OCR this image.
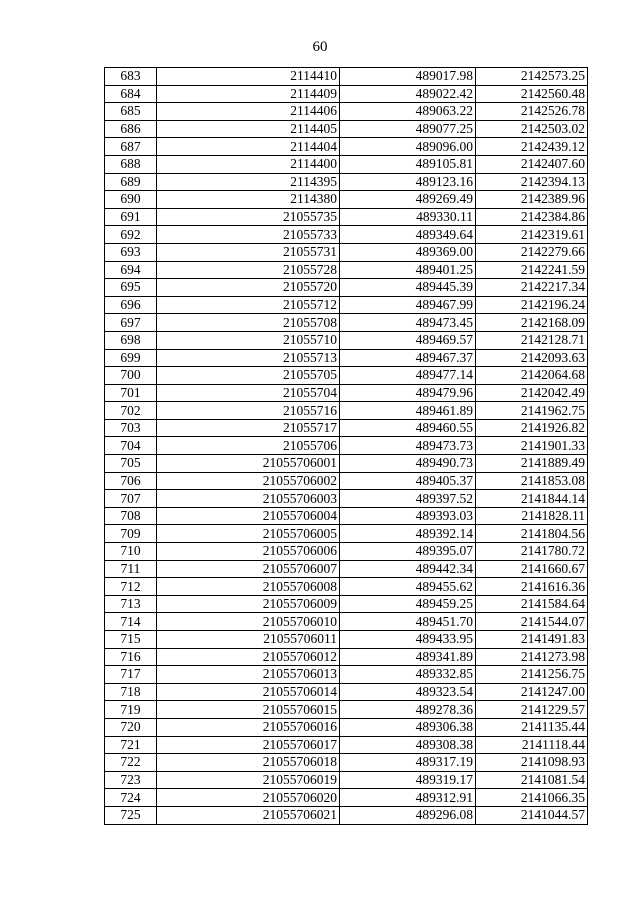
60
683	2114410	489017.98	2142573.25
684	2114409	489022.42	2142560.48
685	2114406	489063.22	2142526.78
686	2114405	489077.25	2142503.02
687	2114404	489096.00	2142439.12
688	2114400	489105.81	2142407.60
689	2114395	489123.16	2142394.13
690	2114380	489269.49	2142389.96
691	21055735	489330.11	2142384.86
692	21055733	489349.64	2142319.61
693	21055731	489369.00	2142279.66
694	21055728	489401.25	2142241.59
695	21055720	489445.39	2142217.34
696	21055712	489467.99	2142196.24
697	21055708	489473.45	2142168.09
698	21055710	489469.57	2142128.71
699	21055713	489467.37	2142093.63
700	21055705	489477.14	2142064.68
701	21055704	489479.96	2142042.49
702	21055716	489461.89	2141962.75
703	21055717	489460.55	2141926.82
704	21055706	489473.73	2141901.33
705	21055706001	489490.73	2141889.49
706	21055706002	489405.37	2141853.08
707	21055706003	489397.52	2141844.14
708	21055706004	489393.03	2141828.11
709	21055706005	489392.14	2141804.56
710	21055706006	489395.07	2141780.72
711	21055706007	489442.34	2141660.67
712	21055706008	489455.62	2141616.36
713	21055706009	489459.25	2141584.64
714	21055706010	489451.70	2141544.07
715	21055706011	489433.95	2141491.83
716	21055706012	489341.89	2141273.98
717	21055706013	489332.85	2141256.75
718	21055706014	489323.54	2141247.00
719	21055706015	489278.36	2141229.57
720	21055706016	489306.38	2141135.44
721	21055706017	489308.38	2141118.44
722	21055706018	489317.19	2141098.93
723	21055706019	489319.17	2141081.54
724	21055706020	489312.91	2141066.35
725	21055706021	489296.08	2141044.57
